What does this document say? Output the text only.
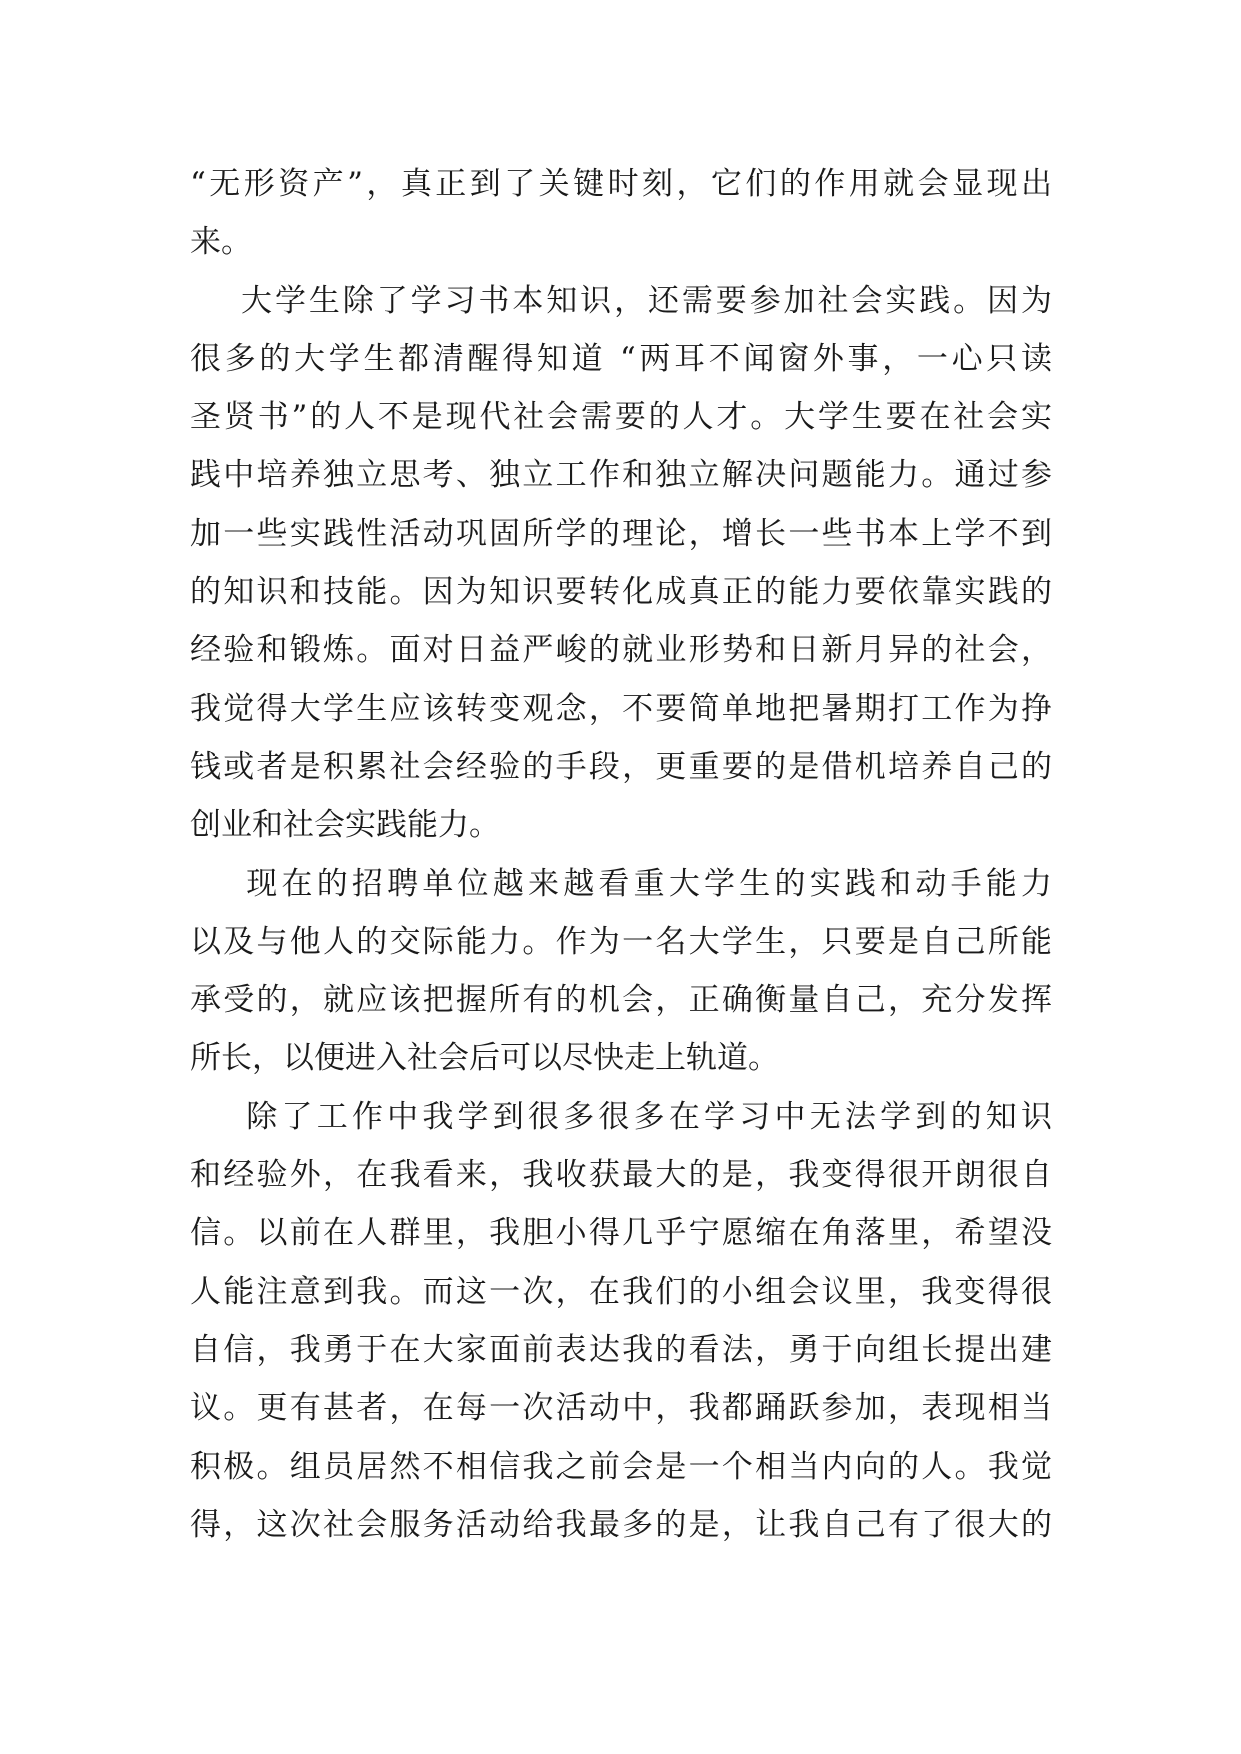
“无形资产”，真正到了关键时刻，它们的作用就会显现出
来。
大学生除了学习书本知识，还需要参加社会实践。因为
很多的大学生都清醒得知道 “两耳不闻窗外事，一心只读
圣贤书”的人不是现代社会需要的人才。大学生要在社会实
践中培养独立思考、独立工作和独立解决问题能力。通过参
加一些实践性活动巩固所学的理论，增长一些书本上学不到
的知识和技能。因为知识要转化成真正的能力要依靠实践的
经验和锻炼。面对日益严峻的就业形势和日新月异的社会，
我觉得大学生应该转变观念，不要简单地把暑期打工作为挣
钱或者是积累社会经验的手段，更重要的是借机培养自己的
创业和社会实践能力。
现在的招聘单位越来越看重大学生的实践和动手能力
以及与他人的交际能力。作为一名大学生，只要是自己所能
承受的，就应该把握所有的机会，正确衡量自己，充分发挥
所长，以便进入社会后可以尽快走上轨道。
除了工作中我学到很多很多在学习中无法学到的知识
和经验外，在我看来，我收获最大的是，我变得很开朗很自
信。以前在人群里，我胆小得几乎宁愿缩在角落里，希望没
人能注意到我。而这一次，在我们的小组会议里，我变得很
自信，我勇于在大家面前表达我的看法，勇于向组长提出建
议。更有甚者，在每一次活动中，我都踊跃参加，表现相当
积极。组员居然不相信我之前会是一个相当内向的人。我觉
得，这次社会服务活动给我最多的是，让我自己有了很大的
